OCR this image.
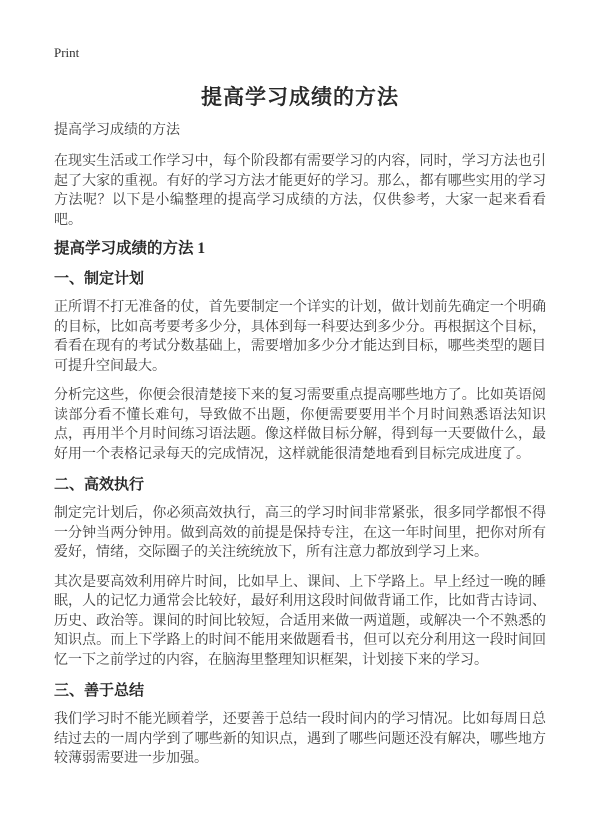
Print
提高学习成绩的方法
提高学习成绩的方法

在现实生活或工作学习中，每个阶段都有需要学习的内容，同时，学习方法也引起了大家的重视。有好的学习方法才能更好的学习。那么，都有哪些实用的学习方法呢？以下是小编整理的提高学习成绩的方法，仅供参考，大家一起来看看吧。

提高学习成绩的方法 1
一、制定计划

正所谓不打无准备的仗，首先要制定一个详实的计划，做计划前先确定一个明确的目标，比如高考要考多少分，具体到每一科要达到多少分。再根据这个目标，看看在现有的考试分数基础上，需要增加多少分才能达到目标，哪些类型的题目可提升空间最大。

分析完这些，你便会很清楚接下来的复习需要重点提高哪些地方了。比如英语阅读部分看不懂长难句，导致做不出题，你便需要要用半个月时间熟悉语法知识点，再用半个月时间练习语法题。像这样做目标分解，得到每一天要做什么，最好用一个表格记录每天的完成情况，这样就能很清楚地看到目标完成进度了。

二、高效执行

制定完计划后，你必须高效执行，高三的学习时间非常紧张，很多同学都恨不得一分钟当两分钟用。做到高效的前提是保持专注，在这一年时间里，把你对所有爱好，情绪，交际圈子的关注统统放下，所有注意力都放到学习上来。

其次是要高效利用碎片时间，比如早上、课间、上下学路上。早上经过一晚的睡眠，人的记忆力通常会比较好，最好利用这段时间做背诵工作，比如背古诗词、历史、政治等。课间的时间比较短，合适用来做一两道题，或解决一个不熟悉的知识点。而上下学路上的时间不能用来做题看书，但可以充分利用这一段时间回忆一下之前学过的内容，在脑海里整理知识框架，计划接下来的学习。

三、善于总结

我们学习时不能光顾着学，还要善于总结一段时间内的学习情况。比如每周日总结过去的一周内学到了哪些新的知识点，遇到了哪些问题还没有解决，哪些地方较薄弱需要进一步加强。
